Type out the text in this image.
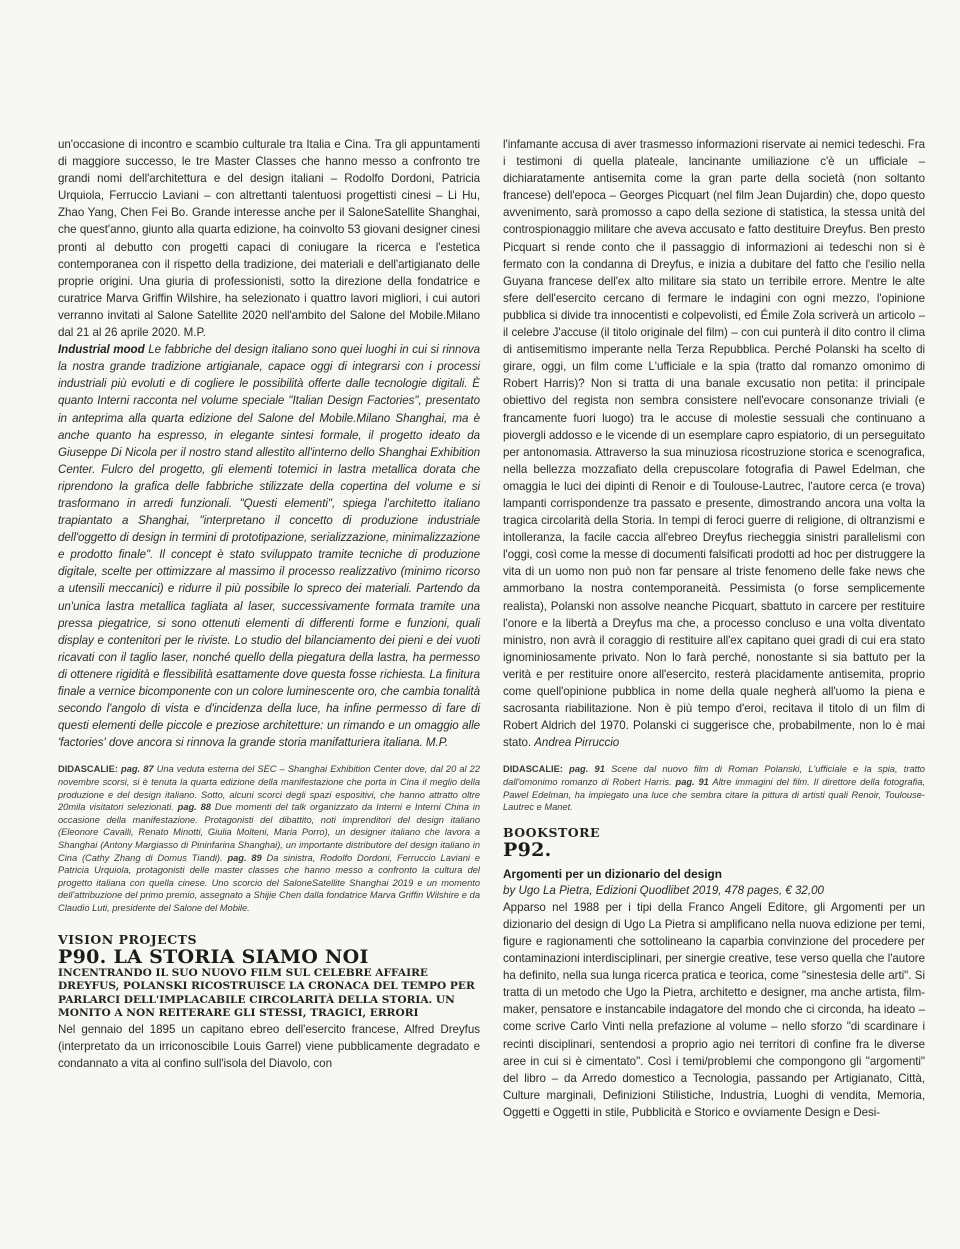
un'occasione di incontro e scambio culturale tra Italia e Cina. Tra gli appuntamenti di maggiore successo, le tre Master Classes che hanno messo a confronto tre grandi nomi dell'architettura e del design italiani – Rodolfo Dordoni, Patricia Urquiola, Ferruccio Laviani – con altrettanti talentuosi progettisti cinesi – Li Hu, Zhao Yang, Chen Fei Bo. Grande interesse anche per il SaloneSatellite Shanghai, che quest'anno, giunto alla quarta edizione, ha coinvolto 53 giovani designer cinesi pronti al debutto con progetti capaci di coniugare la ricerca e l'estetica contemporanea con il rispetto della tradizione, dei materiali e dell'artigianato delle proprie origini. Una giuria di professionisti, sotto la direzione della fondatrice e curatrice Marva Griffin Wilshire, ha selezionato i quattro lavori migliori, i cui autori verranno invitati al Salone Satellite 2020 nell'ambito del Salone del Mobile.Milano dal 21 al 26 aprile 2020. M.P.

Industrial mood Le fabbriche del design italiano sono quei luoghi in cui si rinnova la nostra grande tradizione artigianale, capace oggi di integrarsi con i processi industriali più evoluti e di cogliere le possibilità offerte dalle tecnologie digitali. È quanto Interni racconta nel volume speciale "Italian Design Factories", presentato in anteprima alla quarta edizione del Salone del Mobile.Milano Shanghai, ma è anche quanto ha espresso, in elegante sintesi formale, il progetto ideato da Giuseppe Di Nicola per il nostro stand allestito all'interno dello Shanghai Exhibition Center. Fulcro del progetto, gli elementi totemici in lastra metallica dorata che riprendono la grafica delle fabbriche stilizzate della copertina del volume e si trasformano in arredi funzionali. "Questi elementi", spiega l'architetto italiano trapiantato a Shanghai, "interpretano il concetto di produzione industriale dell'oggetto di design in termini di prototipazione, serializzazione, minimalizzazione e prodotto finale". Il concept è stato sviluppato tramite tecniche di produzione digitale, scelte per ottimizzare al massimo il processo realizzativo (minimo ricorso a utensili meccanici) e ridurre il più possibile lo spreco dei materiali. Partendo da un'unica lastra metallica tagliata al laser, successivamente formata tramite una pressa piegatrice, si sono ottenuti elementi di differenti forme e funzioni, quali display e contenitori per le riviste. Lo studio del bilanciamento dei pieni e dei vuoti ricavati con il taglio laser, nonché quello della piegatura della lastra, ha permesso di ottenere rigidità e flessibilità esattamente dove questa fosse richiesta. La finitura finale a vernice bicomponente con un colore luminescente oro, che cambia tonalità secondo l'angolo di vista e d'incidenza della luce, ha infine permesso di fare di questi elementi delle piccole e preziose architetture: un rimando e un omaggio alle 'factories' dove ancora si rinnova la grande storia manifatturiera italiana. M.P.

DIDASCALIE: pag. 87 Una veduta esterna del SEC – Shanghai Exhibition Center dove, dal 20 al 22 novembre scorsi, si è tenuta la quarta edizione della manifestazione che porta in Cina il meglio della produzione e del design italiano. Sotto, alcuni scorci degli spazi espositivi, che hanno attratto oltre 20mila visitatori selezionati. pag. 88 Due momenti del talk organizzato da Interni e Interni China in occasione della manifestazione. Protagonisti del dibattito, noti imprenditori del design italiano (Eleonore Cavalli, Renato Minotti, Giulia Molteni, Maria Porro), un designer italiano che lavora a Shanghai (Antony Margiasso di Pininfarina Shanghai), un importante distributore del design italiano in Cina (Cathy Zhang di Domus Tiandi). pag. 89 Da sinistra, Rodolfo Dordoni, Ferruccio Laviani e Patricia Urquiola, protagonisti delle master classes che hanno messo a confronto la cultura del progetto italiana con quella cinese. Uno scorcio del SaloneSatellite Shanghai 2019 e un momento dell'attribuzione del primo premio, assegnato a Shijie Chen dalla fondatrice Marva Griffin Wilshire e da Claudio Luti, presidente del Salone del Mobile.

VISION PROJECTS
P90. LA STORIA SIAMO NOI

INCENTRANDO IL SUO NUOVO FILM SUL CELEBRE AFFAIRE DREYFUS, POLANSKI RICOSTRUISCE LA CRONACA DEL TEMPO PER PARLARCI DELL'IMPLACABILE CIRCOLARITÀ DELLA STORIA. UN MONITO A NON REITERARE GLI STESSI, TRAGICI, ERRORI

Nel gennaio del 1895 un capitano ebreo dell'esercito francese, Alfred Dreyfus (interpretato da un irriconoscibile Louis Garrel) viene pubblicamente degradato e condannato a vita al confino sull'isola del Diavolo, con

l'infamante accusa di aver trasmesso informazioni riservate ai nemici tedeschi. Fra i testimoni di quella plateale, lancinante umiliazione c'è un ufficiale – dichiaratamente antisemita come la gran parte della società (non soltanto francese) dell'epoca – Georges Picquart (nel film Jean Dujardin) che, dopo questo avvenimento, sarà promosso a capo della sezione di statistica, la stessa unità del controspionaggio militare che aveva accusato e fatto destituire Dreyfus. Ben presto Picquart si rende conto che il passaggio di informazioni ai tedeschi non si è fermato con la condanna di Dreyfus, e inizia a dubitare del fatto che l'esilio nella Guyana francese dell'ex alto militare sia stato un terribile errore. Mentre le alte sfere dell'esercito cercano di fermare le indagini con ogni mezzo, l'opinione pubblica si divide tra innocentisti e colpevolisti, ed Émile Zola scriverà un articolo – il celebre J'accuse (il titolo originale del film) – con cui punterà il dito contro il clima di antisemitismo imperante nella Terza Repubblica. Perché Polanski ha scelto di girare, oggi, un film come L'ufficiale e la spia (tratto dal romanzo omonimo di Robert Harris)? Non si tratta di una banale excusatio non petita: il principale obiettivo del regista non sembra consistere nell'evocare consonanze triviali (e francamente fuori luogo) tra le accuse di molestie sessuali che continuano a piovergli addosso e le vicende di un esemplare capro espiatorio, di un perseguitato per antonomasia. Attraverso la sua minuziosa ricostruzione storica e scenografica, nella bellezza mozzafiato della crepuscolare fotografia di Pawel Edelman, che omaggia le luci dei dipinti di Renoir e di Toulouse-Lautrec, l'autore cerca (e trova) lampanti corrispondenze tra passato e presente, dimostrando ancora una volta la tragica circolarità della Storia. In tempi di feroci guerre di religione, di oltranzismi e intolleranza, la facile caccia all'ebreo Dreyfus riecheggia sinistri parallelismi con l'oggi, così come la messe di documenti falsificati prodotti ad hoc per distruggere la vita di un uomo non può non far pensare al triste fenomeno delle fake news che ammorbano la nostra contemporaneità. Pessimista (o forse semplicemente realista), Polanski non assolve neanche Picquart, sbattuto in carcere per restituire l'onore e la libertà a Dreyfus ma che, a processo concluso e una volta diventato ministro, non avrà il coraggio di restituire all'ex capitano quei gradi di cui era stato ignominiosamente privato. Non lo farà perché, nonostante si sia battuto per la verità e per restituire onore all'esercito, resterà placidamente antisemita, proprio come quell'opinione pubblica in nome della quale negherà all'uomo la piena e sacrosanta riabilitazione. Non è più tempo d'eroi, recitava il titolo di un film di Robert Aldrich del 1970. Polanski ci suggerisce che, probabilmente, non lo è mai stato. Andrea Pirruccio

DIDASCALIE: pag. 91 Scene dal nuovo film di Roman Polanski, L'ufficiale e la spia, tratto dall'omonimo romanzo di Robert Harris. pag. 91 Altre immagini del film. Il direttore della fotografia, Pawel Edelman, ha impiegato una luce che sembra citare la pittura di artisti quali Renoir, Toulouse-Lautrec e Manet.

BOOKSTORE
P92.
Argomenti per un dizionario del design
by Ugo La Pietra, Edizioni Quodlibet 2019, 478 pages, € 32,00

Apparso nel 1988 per i tipi della Franco Angeli Editore, gli Argomenti per un dizionario del design di Ugo La Pietra si amplificano nella nuova edizione per temi, figure e ragionamenti che sottolineano la caparbia convinzione del procedere per contaminazioni interdisciplinari, per sinergie creative, tese verso quella che l'autore ha definito, nella sua lunga ricerca pratica e teorica, come "sinestesia delle arti". Si tratta di un metodo che Ugo la Pietra, architetto e designer, ma anche artista, film-maker, pensatore e instancabile indagatore del mondo che ci circonda, ha ideato – come scrive Carlo Vinti nella prefazione al volume – nello sforzo "di scardinare i recinti disciplinari, sentendosi a proprio agio nei territori di confine fra le diverse aree in cui si è cimentato". Così i temi/problemi che compongono gli "argomenti" del libro – da Arredo domestico a Tecnologia, passando per Artigianato, Città, Culture marginali, Definizioni Stilistiche, Industria, Luoghi di vendita, Memoria, Oggetti e Oggetti in stile, Pubblicità e Storico e ovviamente Design e Desi-
